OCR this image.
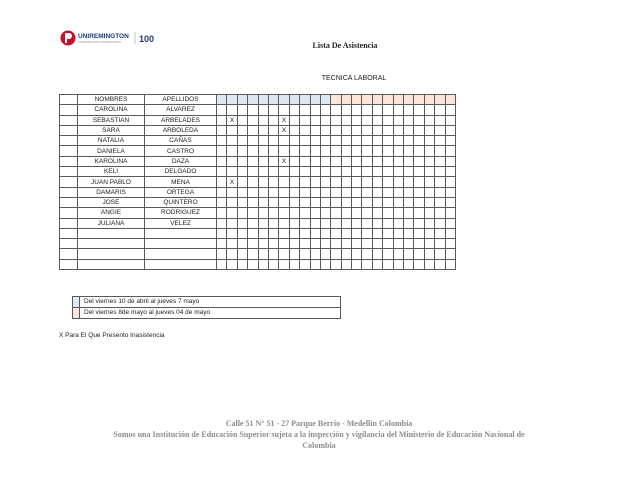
UNIREMINGTON
CORPORACIÓN UNIVERSITARIA 100
Lista De Asistencia
TECNICA LABORAL
	NOMBRES	APELLIDOS																							
	CAROLINA	ALVAREZ																							
	SEBASTIAN	ARBELADES		X					X																
	SARA	ARBOLEDA							X																
	NATALIA	CAÑAS																							
	DANIELA	CASTRO																							
	KAROLINA	DAZA							X																
	KELI	DELGADO																							
	JUAN PABLO	MENA		X																					
	DAMARIS	ORTEGA																							
	JOSE	QUINTERO																							
	ANGIE	RODRIGUEZ																							
	JULIANA	VELEZ																							

	Del viernes 10 de abril al jueves 7 mayo
	Del viernes 8de mayo al jueves 04 de mayo
X Para El Que Presento Inasistencia
Calle 51 N° 51 - 27 Parque Berrío - Medellín Colombia
Somos una Institución de Educación Superior sujeta a la inspección y vigilancia del Ministerio de Educación Nacional de
Colombia
